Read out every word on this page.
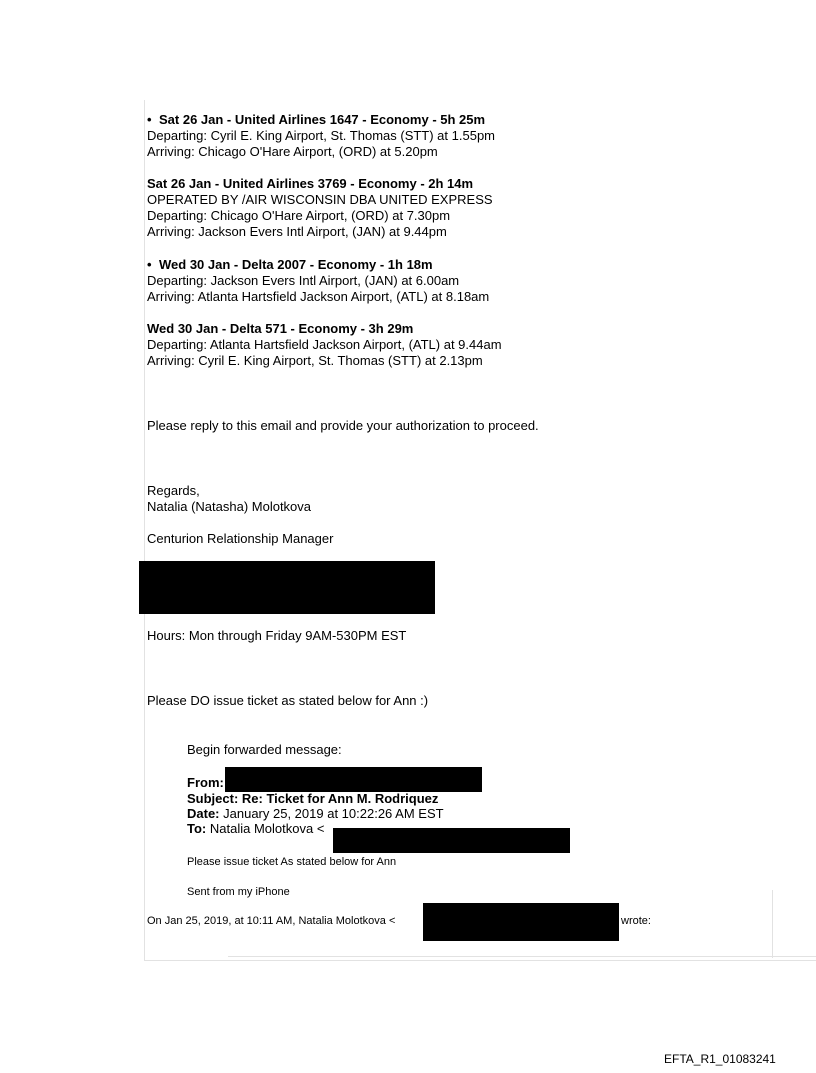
• Sat 26 Jan - United Airlines 1647 - Economy - 5h 25m
Departing: Cyril E. King Airport, St. Thomas (STT) at 1.55pm
Arriving: Chicago O'Hare Airport, (ORD) at 5.20pm
Sat 26 Jan - United Airlines 3769 - Economy - 2h 14m
OPERATED BY /AIR WISCONSIN DBA UNITED EXPRESS
Departing: Chicago O'Hare Airport, (ORD) at 7.30pm
Arriving: Jackson Evers Intl Airport, (JAN) at 9.44pm
• Wed 30 Jan - Delta 2007 - Economy - 1h 18m
Departing: Jackson Evers Intl Airport, (JAN) at 6.00am
Arriving: Atlanta Hartsfield Jackson Airport, (ATL) at 8.18am
Wed 30 Jan - Delta 571 - Economy - 3h 29m
Departing: Atlanta Hartsfield Jackson Airport, (ATL) at 9.44am
Arriving: Cyril E. King Airport, St. Thomas (STT) at 2.13pm
Please reply to this email and provide your authorization to proceed.
Regards,
Natalia (Natasha) Molotkova
Centurion Relationship Manager
Hours: Mon through Friday 9AM-530PM EST
Please DO issue ticket as stated below for Ann :)
Begin forwarded message:
From:
Subject: Re: Ticket for Ann M. Rodriquez
Date: January 25, 2019 at 10:22:26 AM EST
To: Natalia Molotkova <
Please issue ticket As stated below for Ann
Sent from my iPhone
On Jan 25, 2019, at 10:11 AM, Natalia Molotkova <	wrote:
EFTA_R1_01083241
